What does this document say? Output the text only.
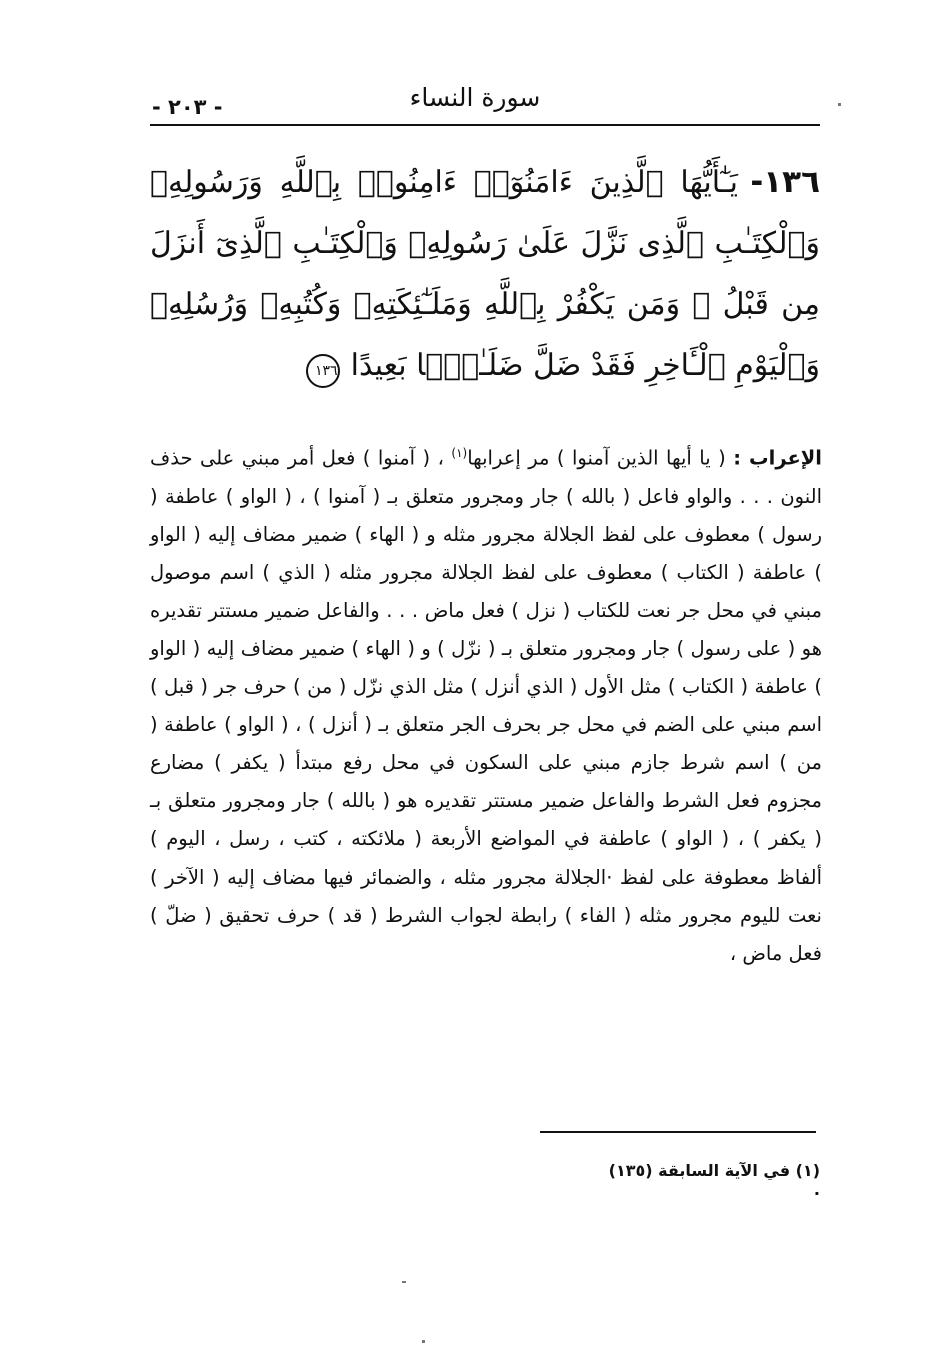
- ٢٠٣ -	سورة النساء
١٣٦- يَـٰٓأَيُّهَا ٱلَّذِينَ ءَامَنُوٓا۟ ءَامِنُوا۟ بِٱللَّهِ وَرَسُولِهِۦ وَٱلْكِتَـٰبِ ٱلَّذِى نَزَّلَ عَلَىٰ رَسُولِهِۦ وَٱلْكِتَـٰبِ ٱلَّذِىٓ أَنزَلَ مِن قَبْلُ ۚ وَمَن يَكْفُرْ بِٱللَّهِ وَمَلَـٰٓئِكَتِهِۦ وَكُتُبِهِۦ وَرُسُلِهِۦ وَٱلْيَوْمِ ٱلْـَٔاخِرِ فَقَدْ ضَلَّ ضَلَـٰلًۢا بَعِيدًا ١٣٦
الإعراب : ( يا أيها الذين آمنوا ) مر إعرابها$^{(١)}$ ، ( آمنوا ) فعل أمر مبني على حذف النون . . . والواو فاعل ( بالله ) جار ومجرور متعلق بـ ( آمنوا ) ، ( الواو ) عاطفة ( رسول ) معطوف على لفظ الجلالة مجرور مثله و ( الهاء ) ضمير مضاف إليه ( الواو ) عاطفة ( الكتاب ) معطوف على لفظ الجلالة مجرور مثله ( الذي ) اسم موصول مبني في محل جر نعت للكتاب ( نزل ) فعل ماض . . . والفاعل ضمير مستتر تقديره هو ( على رسول ) جار ومجرور متعلق بـ ( نزّل ) و ( الهاء ) ضمير مضاف إليه ( الواو ) عاطفة ( الكتاب ) مثل الأول ( الذي أنزل ) مثل الذي نزّل ( من ) حرف جر ( قبل ) اسم مبني على الضم في محل جر بحرف الجر متعلق بـ ( أنزل ) ، ( الواو ) عاطفة ( من ) اسم شرط جازم مبني على السكون في محل رفع مبتدأ ( يكفر ) مضارع مجزوم فعل الشرط والفاعل ضمير مستتر تقديره هو ( بالله ) جار ومجرور متعلق بـ ( يكفر ) ، ( الواو ) عاطفة في المواضع الأربعة ( ملائكته ، كتب ، رسل ، اليوم ) ألفاظ معطوفة على لفظ ·الجلالة مجرور مثله ، والضمائر فيها مضاف إليه ( الآخر ) نعت لليوم مجرور مثله ( الفاء ) رابطة لجواب الشرط ( قد ) حرف تحقيق ( ضلّ ) فعل ماض ،
(١) في الآية السابقة (١٣٥) .
